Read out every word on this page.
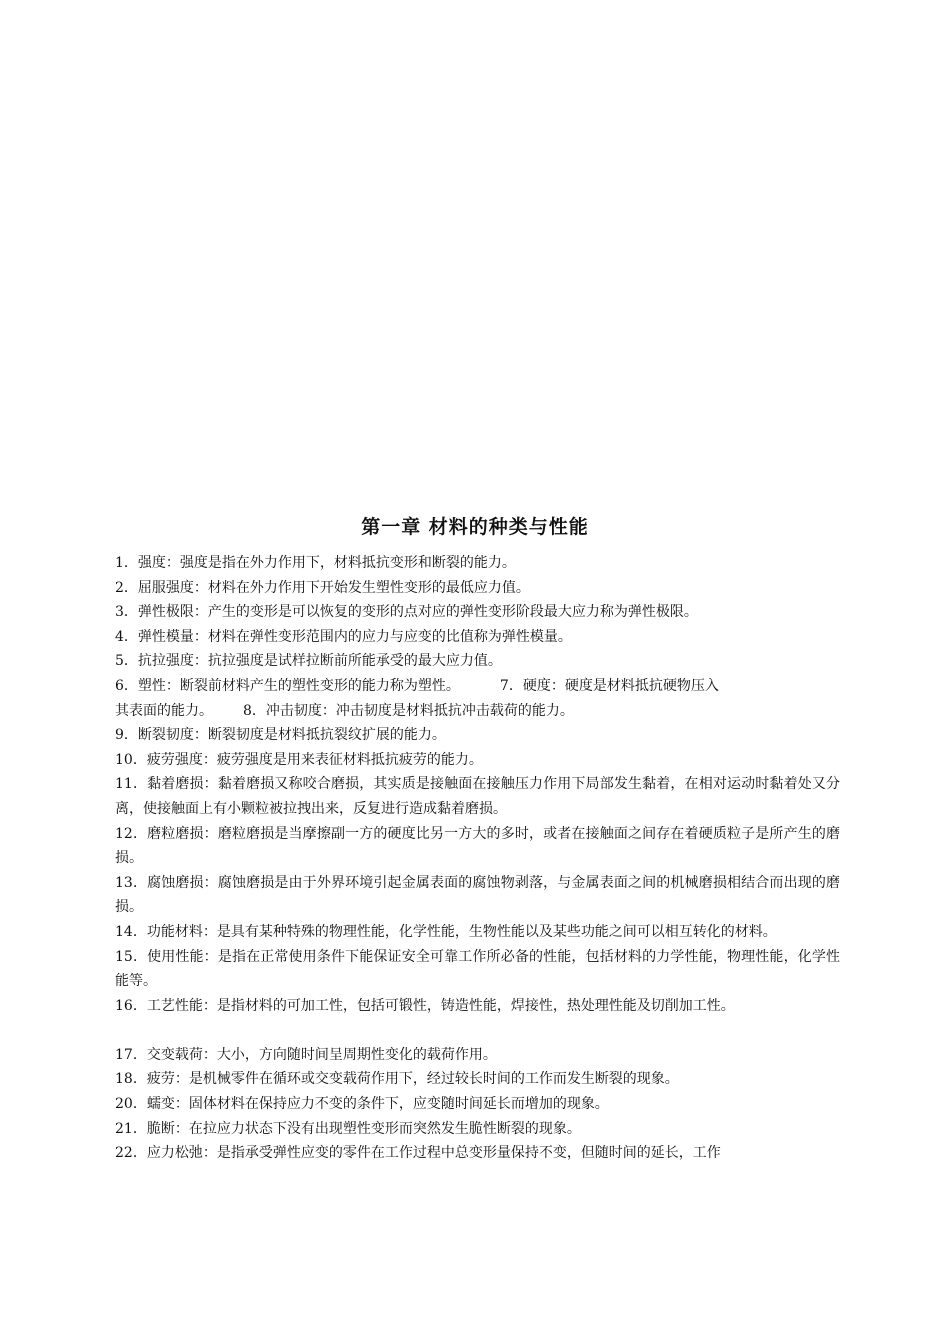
第一章 材料的种类与性能

1．强度：强度是指在外力作用下，材料抵抗变形和断裂的能力。

2．屈服强度：材料在外力作用下开始发生塑性变形的最低应力值。

3．弹性极限：产生的变形是可以恢复的变形的点对应的弹性变形阶段最大应力称为弹性极限。

4．弹性模量：材料在弹性变形范围内的应力与应变的比值称为弹性模量。

5．抗拉强度：抗拉强度是试样拉断前所能承受的最大应力值。

6．塑性：断裂前材料产生的塑性变形的能力称为塑性。	7．硬度：硬度是材料抵抗硬物压入

其表面的能力。 8．冲击韧度：冲击韧度是材料抵抗冲击载荷的能力。

9．断裂韧度：断裂韧度是材料抵抗裂纹扩展的能力。

10．疲劳强度：疲劳强度是用来表征材料抵抗疲劳的能力。

11．黏着磨损：黏着磨损又称咬合磨损，其实质是接触面在接触压力作用下局部发生黏着，在相对运动时黏着处又分离，使接触面上有小颗粒被拉拽出来，反复进行造成黏着磨损。

12．磨粒磨损：磨粒磨损是当摩擦副一方的硬度比另一方大的多时，或者在接触面之间存在着硬质粒子是所产生的磨损。

13．腐蚀磨损：腐蚀磨损是由于外界环境引起金属表面的腐蚀物剥落，与金属表面之间的机械磨损相结合而出现的磨损。

14．功能材料：是具有某种特殊的物理性能，化学性能，生物性能以及某些功能之间可以相互转化的材料。

15．使用性能：是指在正常使用条件下能保证安全可靠工作所必备的性能，包括材料的力学性能，物理性能，化学性能等。

16．工艺性能：是指材料的可加工性，包括可锻性，铸造性能，焊接性，热处理性能及切削加工性。

17．交变载荷：大小，方向随时间呈周期性变化的载荷作用。

18．疲劳：是机械零件在循环或交变载荷作用下，经过较长时间的工作而发生断裂的现象。

20．蠕变：固体材料在保持应力不变的条件下，应变随时间延长而增加的现象。

21．脆断：在拉应力状态下没有出现塑性变形而突然发生脆性断裂的现象。

22．应力松弛：是指承受弹性应变的零件在工作过程中总变形量保持不变，但随时间的延长，工作
